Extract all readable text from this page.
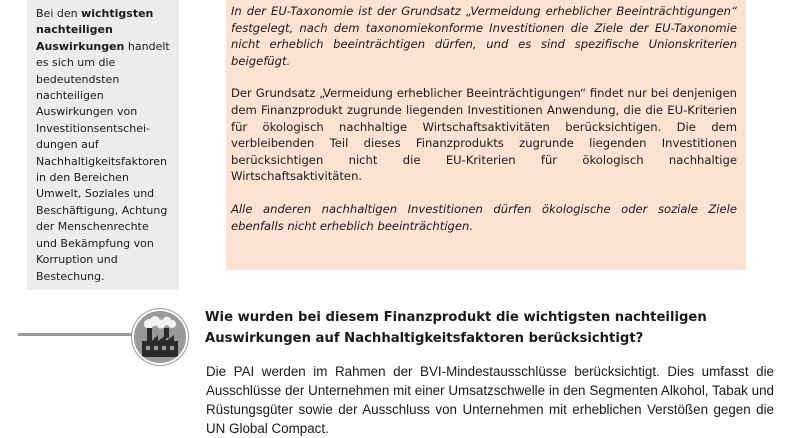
Bei den wichtigsten nachteiligen Auswirkungen handelt es sich um die bedeutendsten nachteiligen Auswirkungen von Investitionsentschei-dungen auf Nachhaltigkeitsfaktoren in den Bereichen Umwelt, Soziales und Beschäftigung, Achtung der Menschenrechte und Bekämpfung von Korruption und Bestechung.

In der EU-Taxonomie ist der Grundsatz „Vermeidung erheblicher Beeinträchtigungen“ festgelegt, nach dem taxonomiekonforme Investitionen die Ziele der EU-Taxonomie nicht erheblich beeinträchtigen dürfen, und es sind spezifische Unionskriterien beigefügt.

Der Grundsatz „Vermeidung erheblicher Beeinträchtigungen“ findet nur bei denjenigen dem Finanzprodukt zugrunde liegenden Investitionen Anwendung, die die EU-Kriterien für ökologisch nachhaltige Wirtschaftsaktivitäten berücksichtigen. Die dem verbleibenden Teil dieses Finanzprodukts zugrunde liegenden Investitionen berücksichtigen nicht die EU-Kriterien für ökologisch nachhaltige Wirtschaftsaktivitäten.

Alle anderen nachhaltigen Investitionen dürfen ökologische oder soziale Ziele ebenfalls nicht erheblich beeinträchtigen.

Wie wurden bei diesem Finanzprodukt die wichtigsten nachteiligen Auswirkungen auf Nachhaltigkeitsfaktoren berücksichtigt?
Die PAI werden im Rahmen der BVI-Mindestausschlüsse berücksichtigt. Dies umfasst die Ausschlüsse der Unternehmen mit einer Umsatzschwelle in den Segmenten Alkohol, Tabak und Rüstungsgüter sowie der Ausschluss von Unternehmen mit erheblichen Verstößen gegen die UN Global Compact.
